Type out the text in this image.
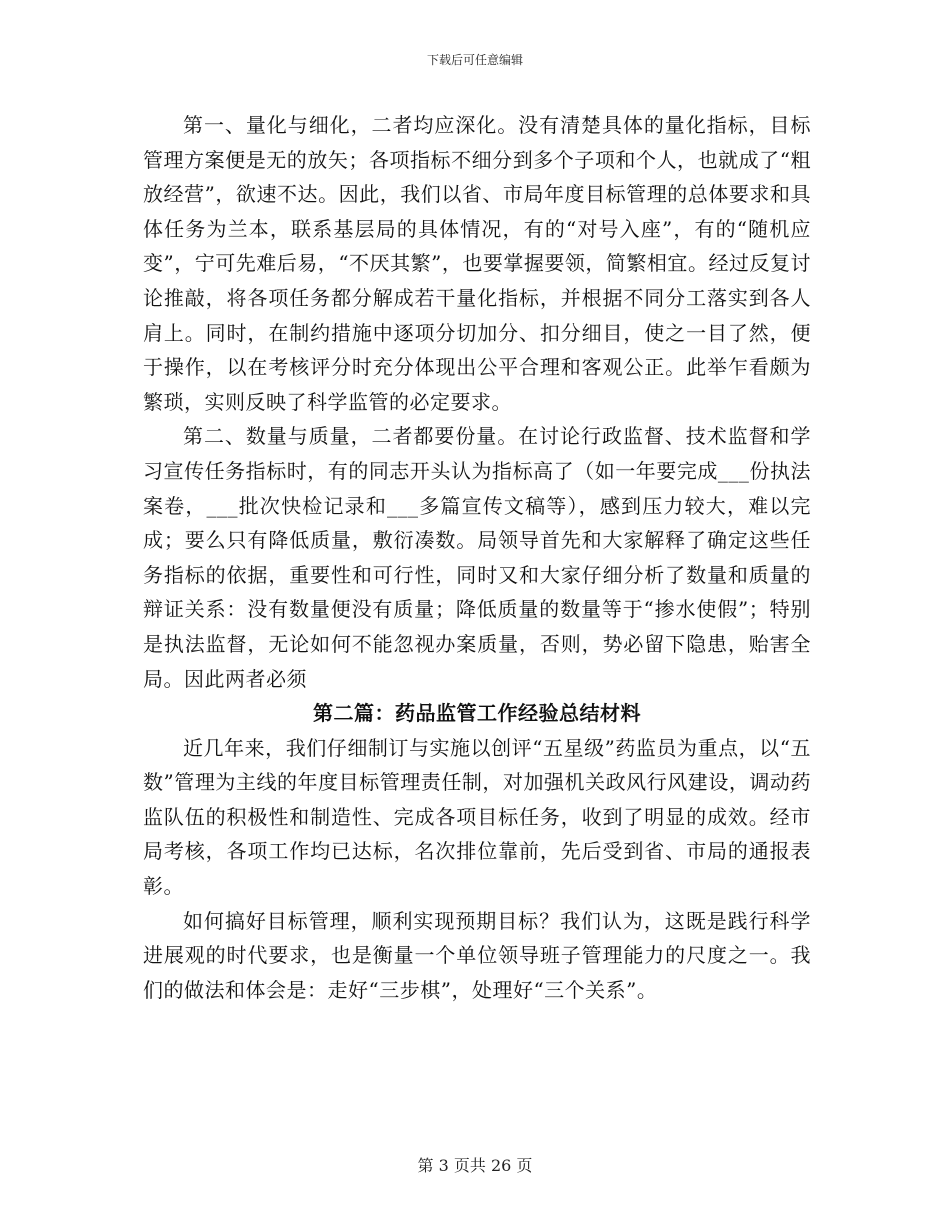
下载后可任意编辑

第一、量化与细化，二者均应深化。没有清楚具体的量化指标，目标管理方案便是无的放矢；各项指标不细分到多个子项和个人，也就成了“粗放经营”，欲速不达。因此，我们以省、市局年度目标管理的总体要求和具体任务为兰本，联系基层局的具体情况，有的“对号入座”，有的“随机应变”，宁可先难后易，“不厌其繁”，也要掌握要领，简繁相宜。经过反复讨论推敲，将各项任务都分解成若干量化指标，并根据不同分工落实到各人肩上。同时，在制约措施中逐项分切加分、扣分细目，使之一目了然，便于操作，以在考核评分时充分体现出公平合理和客观公正。此举乍看颇为繁琐，实则反映了科学监管的必定要求。

第二、数量与质量，二者都要份量。在讨论行政监督、技术监督和学习宣传任务指标时，有的同志开头认为指标高了（如一年要完成___份执法案卷，___批次快检记录和___多篇宣传文稿等），感到压力较大，难以完成；要么只有降低质量，敷衍凑数。局领导首先和大家解释了确定这些任务指标的依据，重要性和可行性，同时又和大家仔细分析了数量和质量的辩证关系：没有数量便没有质量；降低质量的数量等于“掺水使假”；特别是执法监督，无论如何不能忽视办案质量，否则，势必留下隐患，贻害全局。因此两者必须

第二篇：药品监管工作经验总结材料

近几年来，我们仔细制订与实施以创评“五星级”药监员为重点，以“五数”管理为主线的年度目标管理责任制，对加强机关政风行风建设，调动药监队伍的积极性和制造性、完成各项目标任务，收到了明显的成效。经市局考核，各项工作均已达标，名次排位靠前，先后受到省、市局的通报表彰。

如何搞好目标管理，顺利实现预期目标？我们认为，这既是践行科学进展观的时代要求，也是衡量一个单位领导班子管理能力的尺度之一。我们的做法和体会是：走好“三步棋”，处理好“三个关系”。

第 3 页共 26 页
